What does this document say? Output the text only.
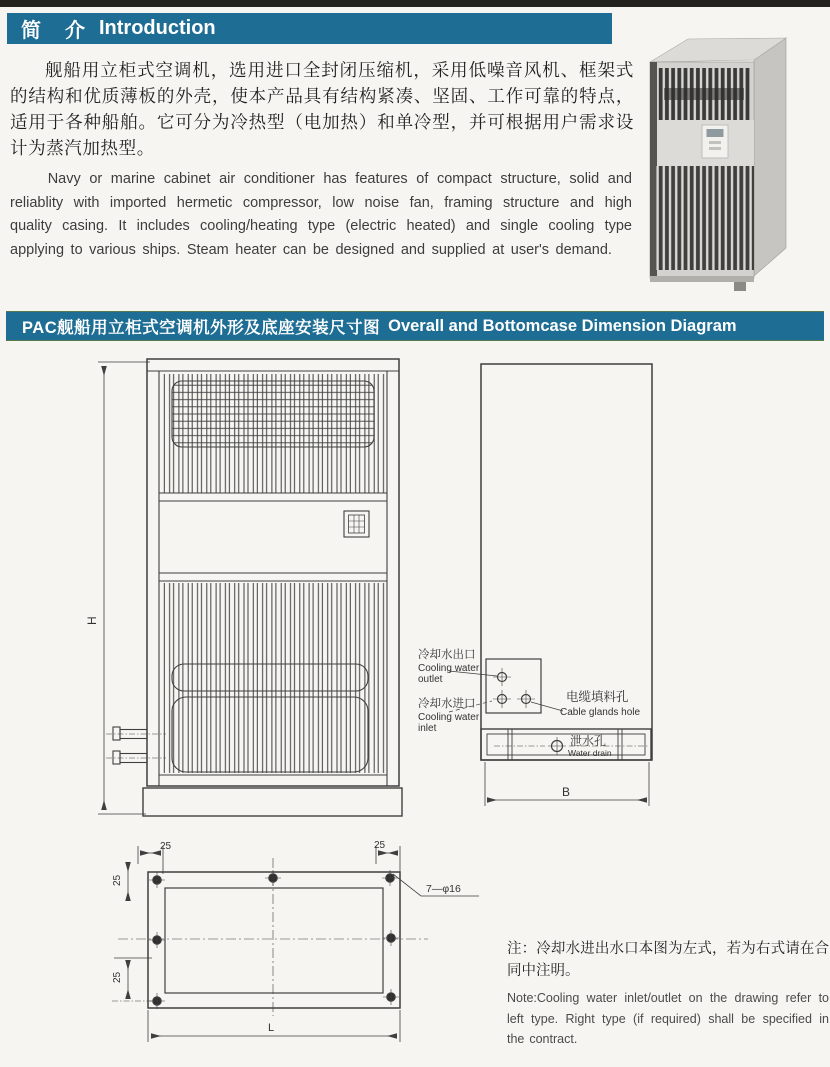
简　介 Introduction
舰船用立柜式空调机，选用进口全封闭压缩机，采用低噪音风机、框架式的结构和优质薄板的外壳，使本产品具有结构紧凑、坚固、工作可靠的特点，适用于各种船舶。它可分为冷热型（电加热）和单冷型，并可根据用户需求设计为蒸汽加热型。
Navy or marine cabinet air conditioner has features of compact structure, solid and reliablity with imported hermetic compressor, low noise fan, framing structure and high quality casing. It includes cooling/heating type (electric heated) and single cooling type applying to various ships. Steam heater can be designed and supplied at user's demand.
PAC舰船用立柜式空调机外形及底座安装尺寸图 Overall and Bottomcase Dimension Diagram
H
B
冷却水出口
Cooling water
outlet
冷却水进口
Cooling water
inlet
电缆填料孔
Cable glands hole
泄水孔
Water drain
25	25
25
25
L
7—φ16
注：冷却水进出水口本图为左式，若为右式请在合同中注明。
Note:Cooling water inlet/outlet on the drawing refer to left type. Right type (if required) shall be specified in the contract.
